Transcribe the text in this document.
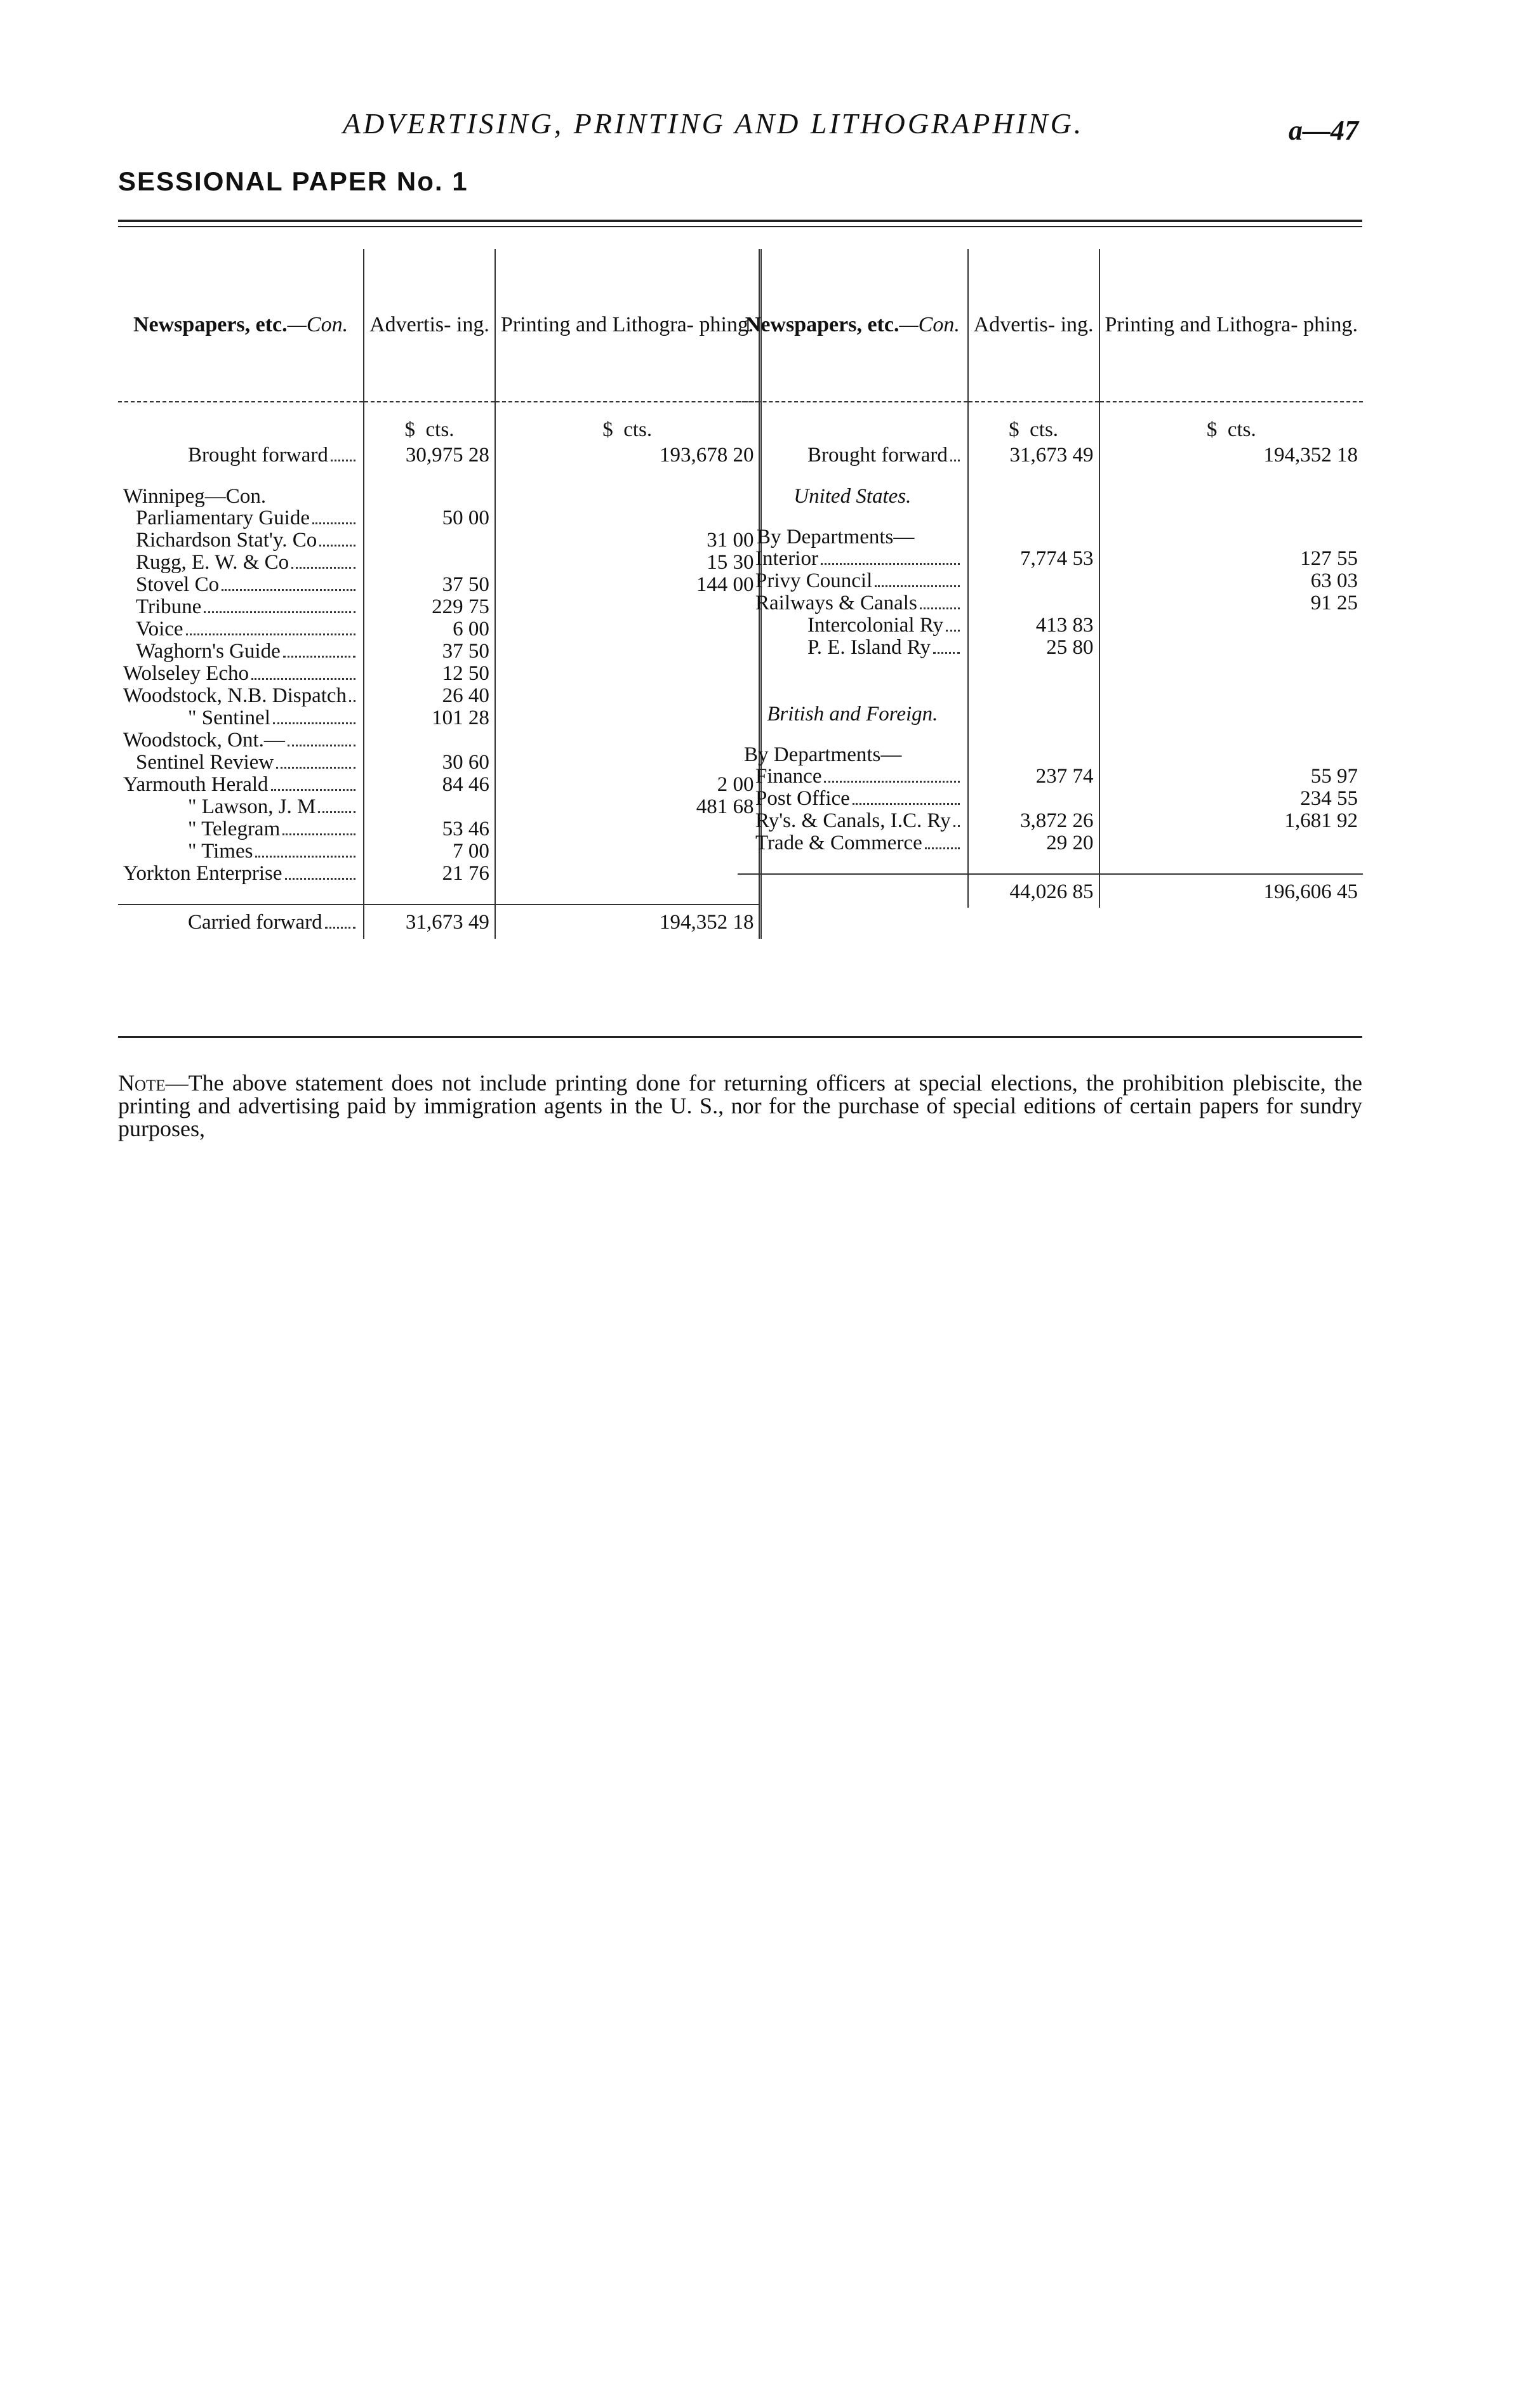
ADVERTISING, PRINTING AND LITHOGRAPHING.	a—47
SESSIONAL PAPER No. 1
Newspapers, etc.—Con.	Advertis- ing.	Printing and Lithogra- phing.
	$ cts.	$ cts.

Brought forward	30,975 28	193,678 20

Winnipeg—Con.		

Parliamentary Guide	50 00	

Richardson Stat'y. Co		31 00

Rugg, E. W. & Co		15 30

Stovel Co	37 50	144 00

Tribune	229 75	

Voice	6 00	

Waghorn's Guide	37 50	

Wolseley Echo	12 50	

Woodstock, N.B. Dispatch	26 40	

" Sentinel	101 28	

Woodstock, Ont.—		

Sentinel Review	30 60	

Yarmouth Herald	84 46	2 00

" Lawson, J. M		481 68

" Telegram	53 46	

" Times	7 00	

Yorkton Enterprise	21 76	

Carried forward	31,673 49	194,352 18
Newspapers, etc.—Con.	Advertis- ing.	Printing and Lithogra- phing.
	$ cts.	$ cts.

Brought forward	31,673 49	194,352 18

United States.		

By Departments—		

Interior	7,774 53	127 55

Privy Council		63 03

Railways & Canals		91 25

Intercolonial Ry	413 83	

P. E. Island Ry	25 80	

British and Foreign.		

By Departments—		

Finance	237 74	55 97

Post Office		234 55

Ry's. & Canals, I.C. Ry	3,872 26	1,681 92

Trade & Commerce	29 20	

	44,026 85	196,606 45
Note—The above statement does not include printing done for returning officers at special elections, the prohibition plebiscite, the printing and advertising paid by immigration agents in the U. S., nor for the purchase of special editions of certain papers for sundry purposes,
